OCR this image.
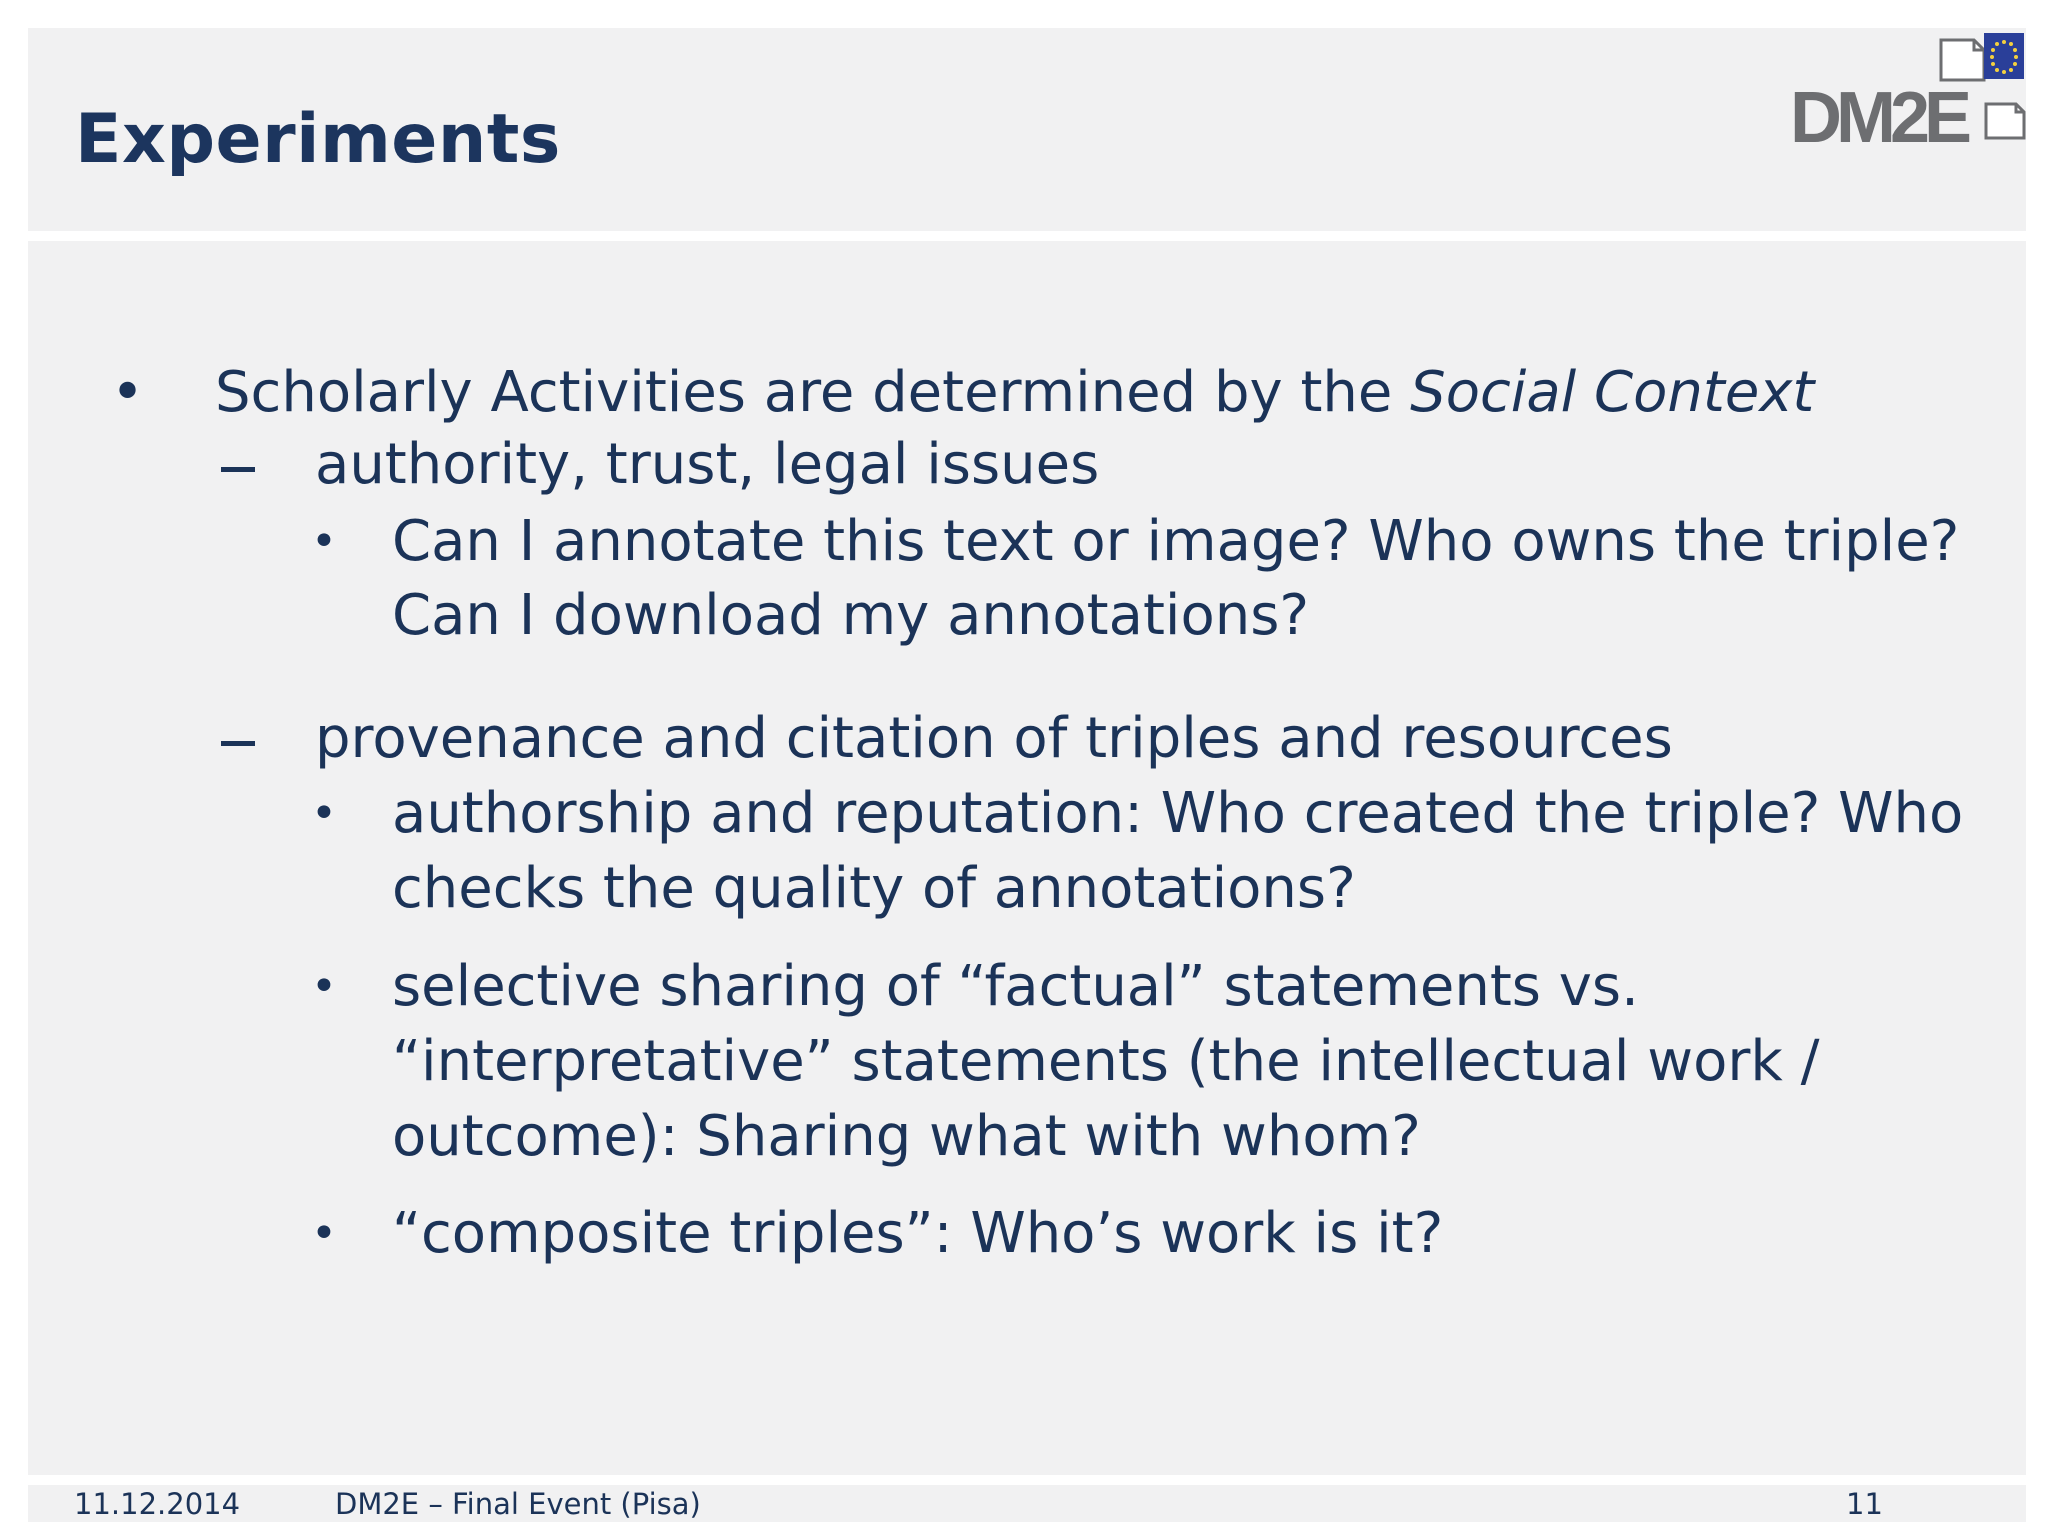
Experiments	DM2E
• Scholarly Activities are determined by the Social Context
authority, trust, legal issues
• Can I annotate this text or image? Who owns the triple?
Can I download my annotations?
provenance and citation of triples and resources
• authorship and reputation: Who created the triple? Who
checks the quality of annotations?
• selective sharing of “factual” statements vs.
“interpretative” statements (the intellectual work /
outcome): Sharing what with whom?
• “composite triples”: Who’s work is it?
11.12.2014	DM2E – Final Event (Pisa)	11
